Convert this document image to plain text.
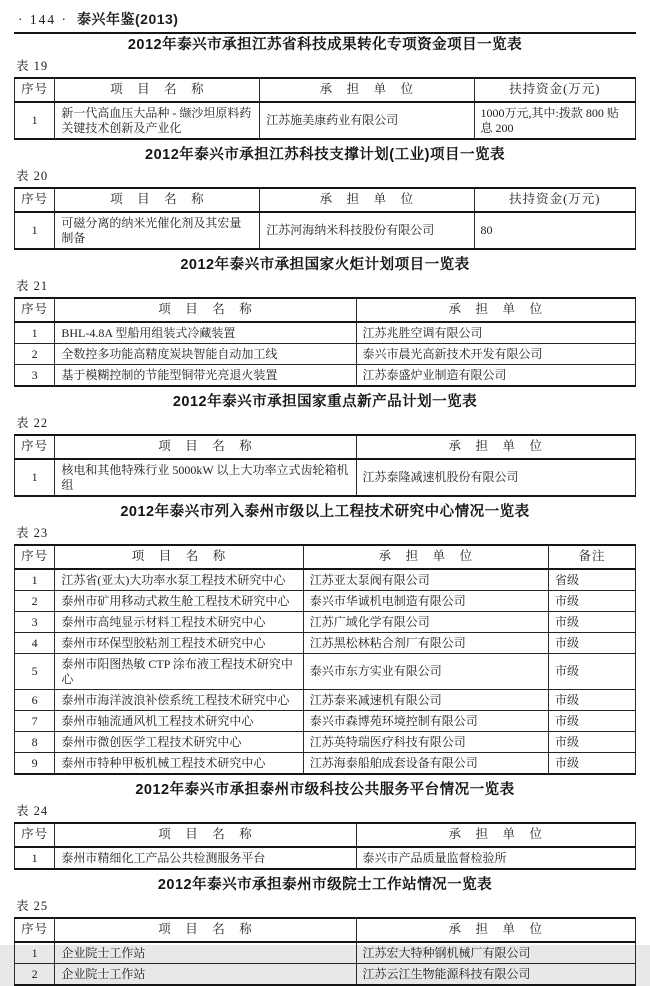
· 144 · 泰兴年鉴(2013)
2012年泰兴市承担江苏省科技成果转化专项资金项目一览表
表 19
序号	项　目　名　称	承　担　单　位	扶持资金(万元)
1	新一代高血压大品种 - 缬沙坦原料药关键技术创新及产业化	江苏施美康药业有限公司	1000万元,其中:拨款 800 贴息 200
2012年泰兴市承担江苏科技支撑计划(工业)项目一览表
表 20
序号	项　目　名　称	承　担　单　位	扶持资金(万元)
1	可磁分离的纳米光催化剂及其宏量制备	江苏河海纳米科技股份有限公司	80
2012年泰兴市承担国家火炬计划项目一览表
表 21
序号	项　目　名　称	承　担　单　位
1	BHL-4.8A 型船用组装式冷藏装置	江苏兆胜空调有限公司
2	全数控多功能高精度炭块智能自动加工线	泰兴市晨光高新技术开发有限公司
3	基于模糊控制的节能型铜带光亮退火装置	江苏泰盛炉业制造有限公司
2012年泰兴市承担国家重点新产品计划一览表
表 22
序号	项　目　名　称	承　担　单　位
1	核电和其他特殊行业 5000kW 以上大功率立式齿轮箱机组	江苏泰隆减速机股份有限公司
2012年泰兴市列入泰州市级以上工程技术研究中心情况一览表
表 23
序号	项　目　名　称	承　担　单　位	备注
1	江苏省(亚太)大功率水泵工程技术研究中心	江苏亚太泵阀有限公司	省级
2	泰州市矿用移动式救生舱工程技术研究中心	泰兴市华诚机电制造有限公司	市级
3	泰州市高纯显示材料工程技术研究中心	江苏广域化学有限公司	市级
4	泰州市环保型胶粘剂工程技术研究中心	江苏黑松林粘合剂厂有限公司	市级
5	泰州市阳图热敏 CTP 涂布液工程技术研究中心	泰兴市东方实业有限公司	市级
6	泰州市海洋波浪补偿系统工程技术研究中心	江苏泰来减速机有限公司	市级
7	泰州市轴流通风机工程技术研究中心	泰兴市森博苑环境控制有限公司	市级
8	泰州市微创医学工程技术研究中心	江苏英特瑞医疗科技有限公司	市级
9	泰州市特种甲板机械工程技术研究中心	江苏海泰船舶成套设备有限公司	市级
2012年泰兴市承担泰州市级科技公共服务平台情况一览表
表 24
序号	项　目　名　称	承　担　单　位
1	泰州市精细化工产品公共检测服务平台	泰兴市产品质量监督检验所
2012年泰兴市承担泰州市级院士工作站情况一览表
表 25
序号	项　目　名　称	承　担　单　位
1	企业院士工作站	江苏宏大特种钢机械厂有限公司
2	企业院士工作站	江苏云江生物能源科技有限公司
